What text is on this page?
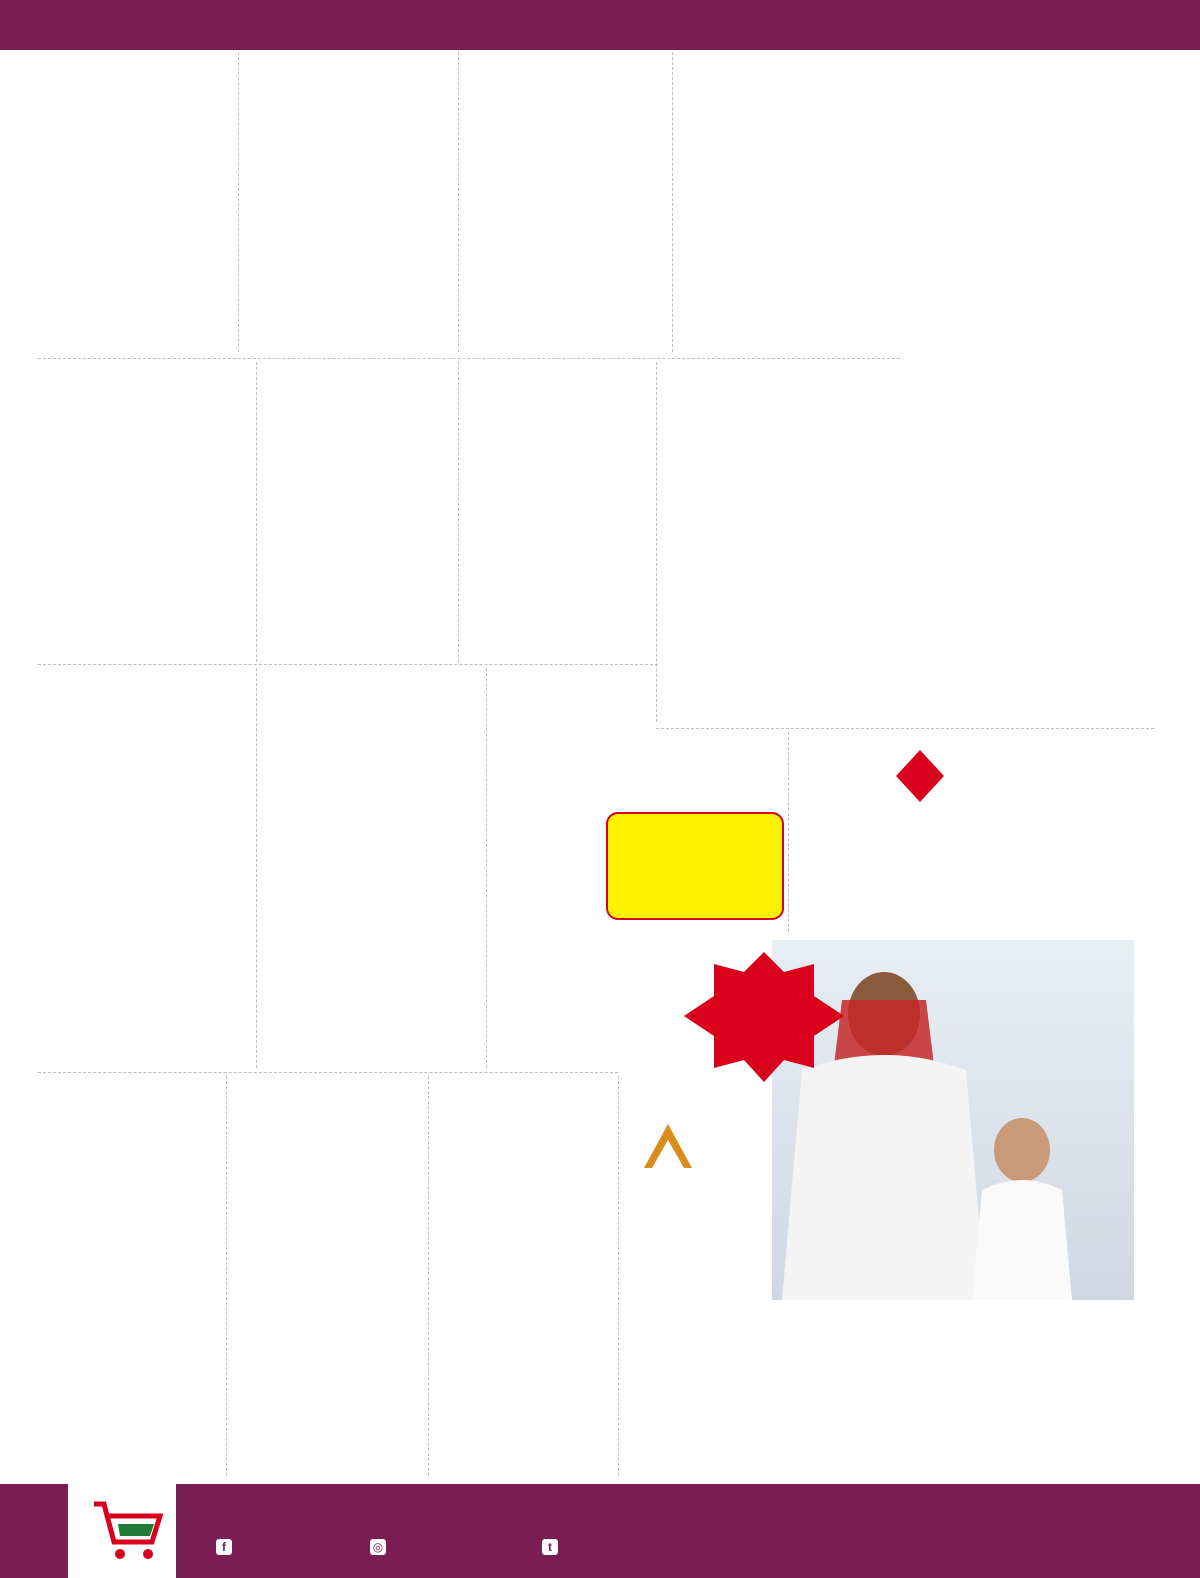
f	◎	t
